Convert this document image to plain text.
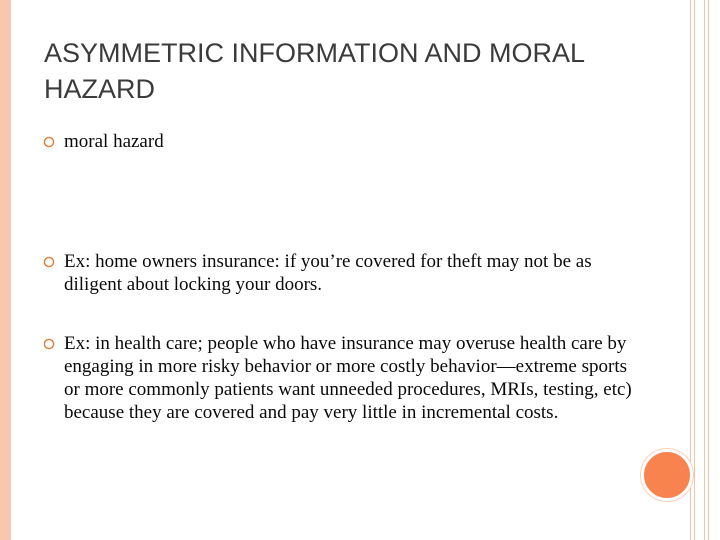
ASYMMETRIC INFORMATION AND MORAL HAZARD
moral hazard
Ex: home owners insurance: if you’re covered for theft may not be as diligent about locking your doors.
Ex: in health care; people who have insurance may overuse health care by engaging in more risky behavior or more costly behavior—extreme sports or more commonly patients want unneeded procedures, MRIs, testing, etc) because they are covered and pay very little in incremental costs.
